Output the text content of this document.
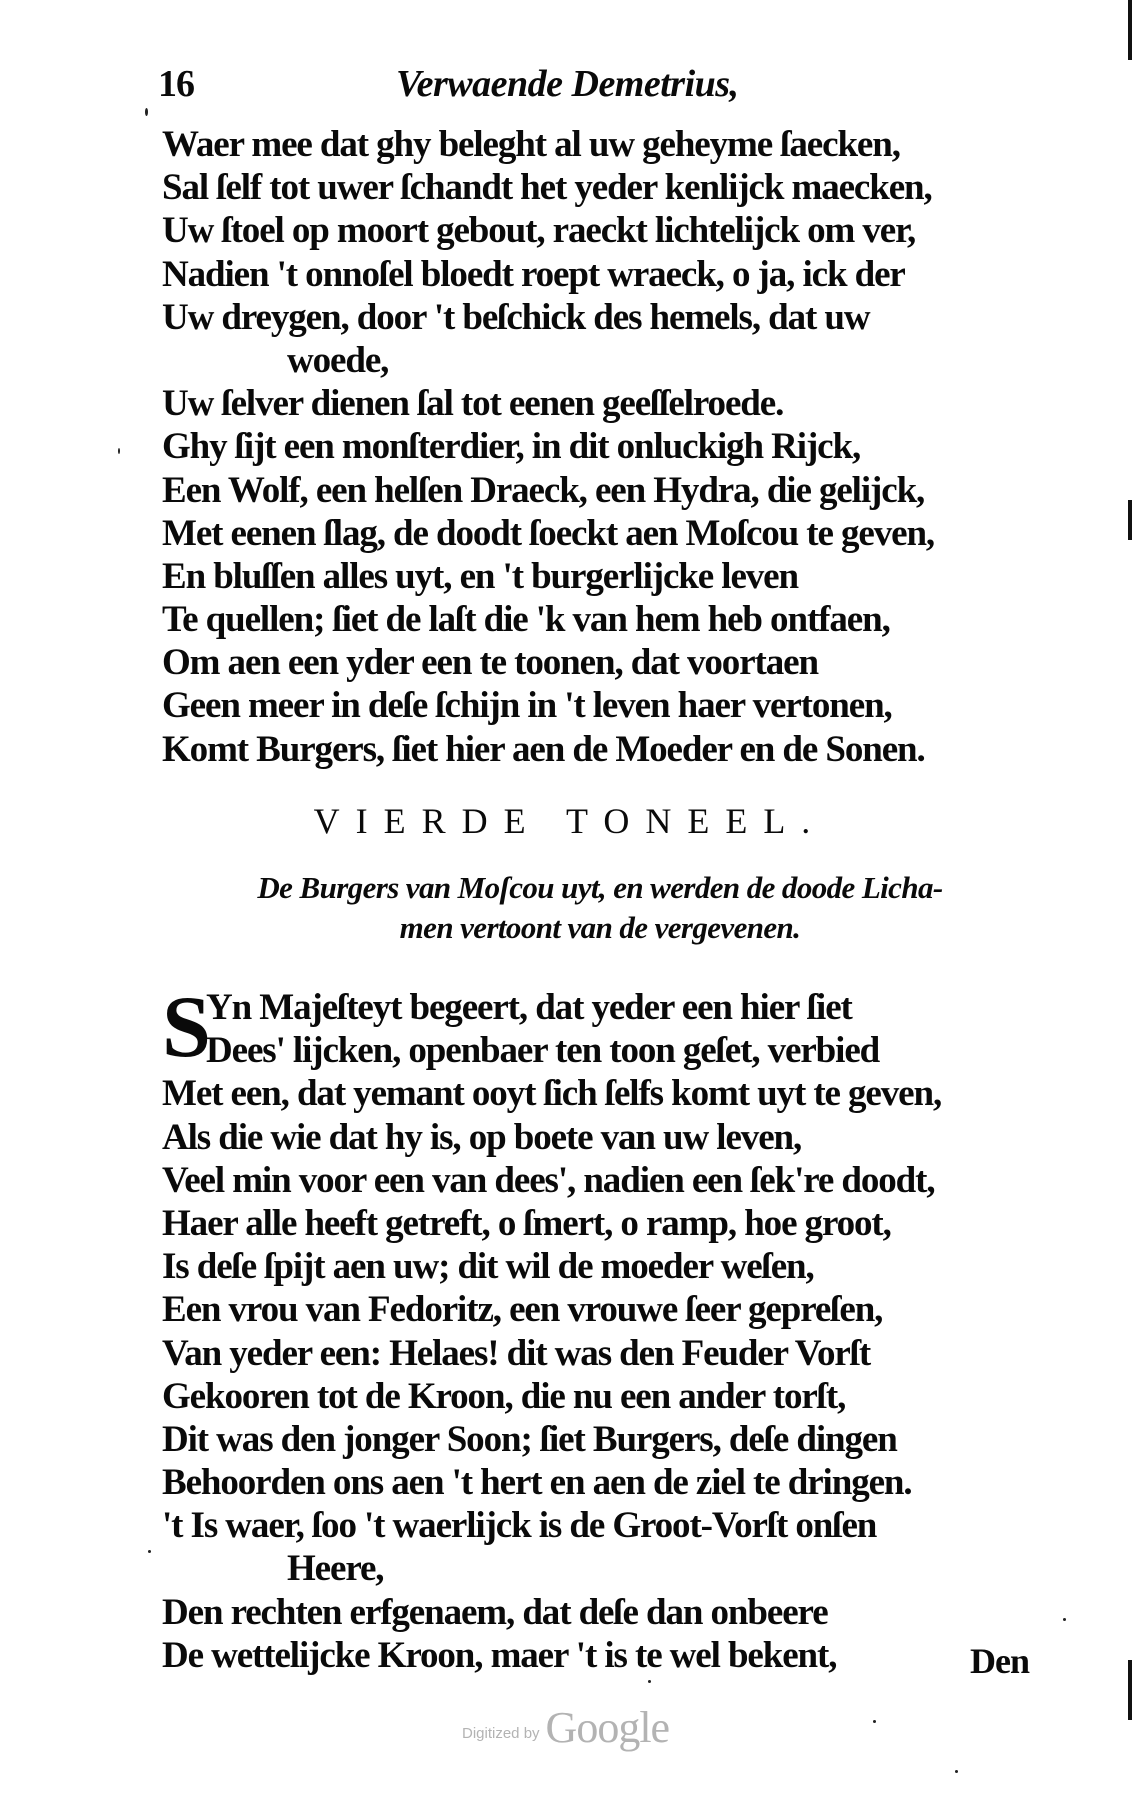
16	Verwaende Demetrius,
Waer mee dat ghy beleght al uw geheyme ſaecken,
Sal ſelf tot uwer ſchandt het yeder kenlijck maecken,
Uw ſtoel op moort gebout, raeckt lichtelijck om ver,
Nadien 't onnoſel bloedt roept wraeck, o ja, ick der
Uw dreygen, door 't beſchick des hemels, dat uw
woede,
Uw ſelver dienen ſal tot eenen geeſſelroede.
Ghy ſijt een monſterdier, in dit onluckigh Rijck,
Een Wolf, een helſen Draeck, een Hydra, die gelijck,
Met eenen ſlag, de doodt ſoeckt aen Moſcou te geven,
En bluſſen alles uyt, en 't burgerlijcke leven
Te quellen; ſiet de laſt die 'k van hem heb ontfaen,
Om aen een yder een te toonen, dat voortaen
Geen meer in deſe ſchijn in 't leven haer vertonen,
Komt Burgers, ſiet hier aen de Moeder en de Sonen.
VIERDE TONEEL.
De Burgers van Moſcou uyt, en werden de doode Licha-
men vertoont van de vergevenen.
S
Yn Majeſteyt begeert, dat yeder een hier ſiet
Dees' lijcken, openbaer ten toon geſet, verbied
Met een, dat yemant ooyt ſich ſelfs komt uyt te geven,
Als die wie dat hy is, op boete van uw leven,
Veel min voor een van dees', nadien een ſek're doodt,
Haer alle heeft getreft, o ſmert, o ramp, hoe groot,
Is deſe ſpijt aen uw; dit wil de moeder weſen,
Een vrou van Fedoritz, een vrouwe ſeer gepreſen,
Van yeder een: Helaes! dit was den Feuder Vorſt
Gekooren tot de Kroon, die nu een ander torſt,
Dit was den jonger Soon; ſiet Burgers, deſe dingen
Behoorden ons aen 't hert en aen de ziel te dringen.
't Is waer, ſoo 't waerlijck is de Groot-Vorſt onſen
Heere,
Den rechten erfgenaem, dat deſe dan onbeere
De wettelijcke Kroon, maer 't is te wel bekent,	Den
Digitized by Google
